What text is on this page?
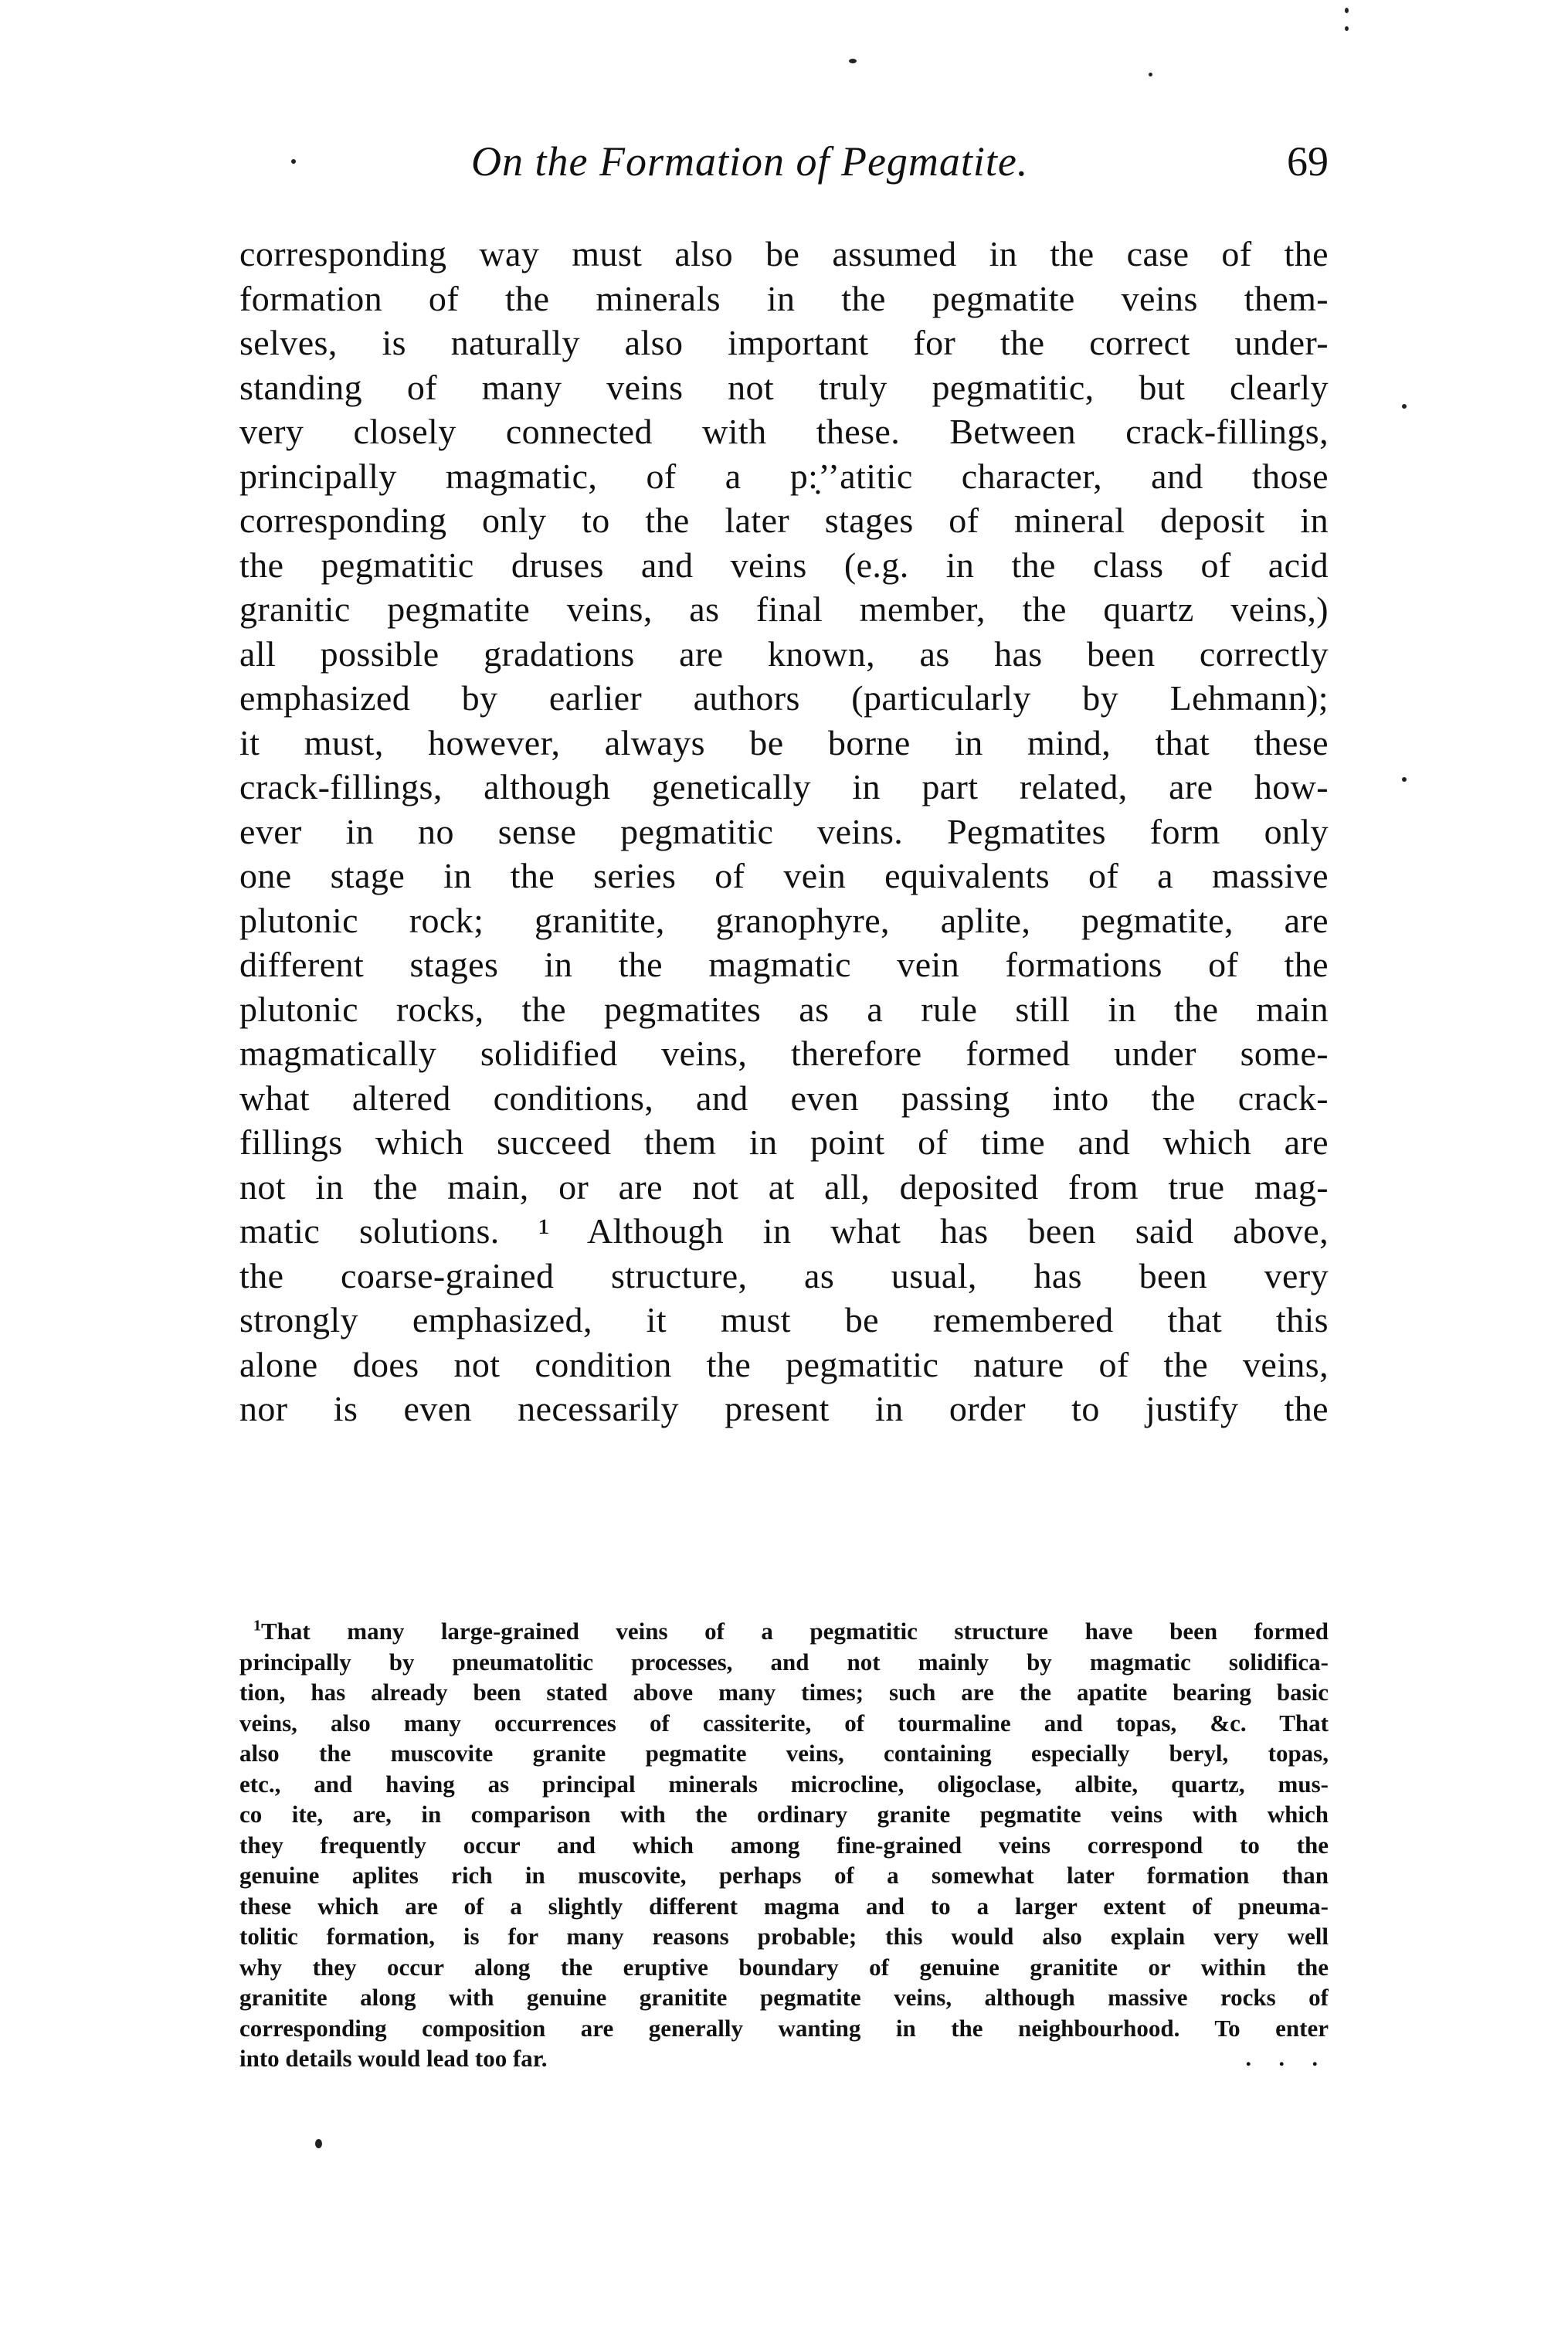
On the Formation of Pegmatite.	69
corresponding way must also be assumed in the case of the
formation of the minerals in the pegmatite veins them-
selves, is naturally also important for the correct under-
standing of many veins not truly pegmatitic, but clearly
very closely connected with these. Between crack-fillings,
principally magmatic, of a p:̣̣̣̣’’atitic character, and those
corresponding only to the later stages of mineral deposit in
the pegmatitic druses and veins (e.g. in the class of acid
granitic pegmatite veins, as final member, the quartz veins,)
all possible gradations are known, as has been correctly
emphasized by earlier authors (particularly by Lehmann);
it must, however, always be borne in mind, that these
crack-fillings, although genetically in part related, are how-
ever in no sense pegmatitic veins. Pegmatites form only
one stage in the series of vein equivalents of a massive
plutonic rock; granitite, granophyre, aplite, pegmatite, are
different stages in the magmatic vein formations of the
plutonic rocks, the pegmatites as a rule still in the main
magmatically solidified veins, therefore formed under some-
what altered conditions, and even passing into the crack-
fillings which succeed them in point of time and which are
not in the main, or are not at all, deposited from true mag-
matic solutions. ¹ Although in what has been said above,
the coarse-grained structure, as usual, has been very
strongly emphasized, it must be remembered that this
alone does not condition the pegmatitic nature of the veins,
nor is even necessarily present in order to justify the
$^1$That many large-grained veins of a pegmatitic structure have been formed
principally by pneumatolitic processes, and not mainly by magmatic solidifica-
tion, has already been stated above many times; such are the apatite bearing basic
veins, also many occurrences of cassiterite, of tourmaline and topas, &c. That
also the muscovite granite pegmatite veins, containing especially beryl, topas,
etc., and having as principal minerals microcline, oligoclase, albite, quartz, mus-
co ite, are, in comparison with the ordinary granite pegmatite veins with which
they frequently occur and which among fine-grained veins correspond to the
genuine aplites rich in muscovite, perhaps of a somewhat later formation than
these which are of a slightly different magma and to a larger extent of pneuma-
tolitic formation, is for many reasons probable; this would also explain very well
why they occur along the eruptive boundary of genuine granitite or within the
granitite along with genuine granitite pegmatite veins, although massive rocks of
corresponding composition are generally wanting in the neighbourhood. To enter
into details would lead too far.	. . .
